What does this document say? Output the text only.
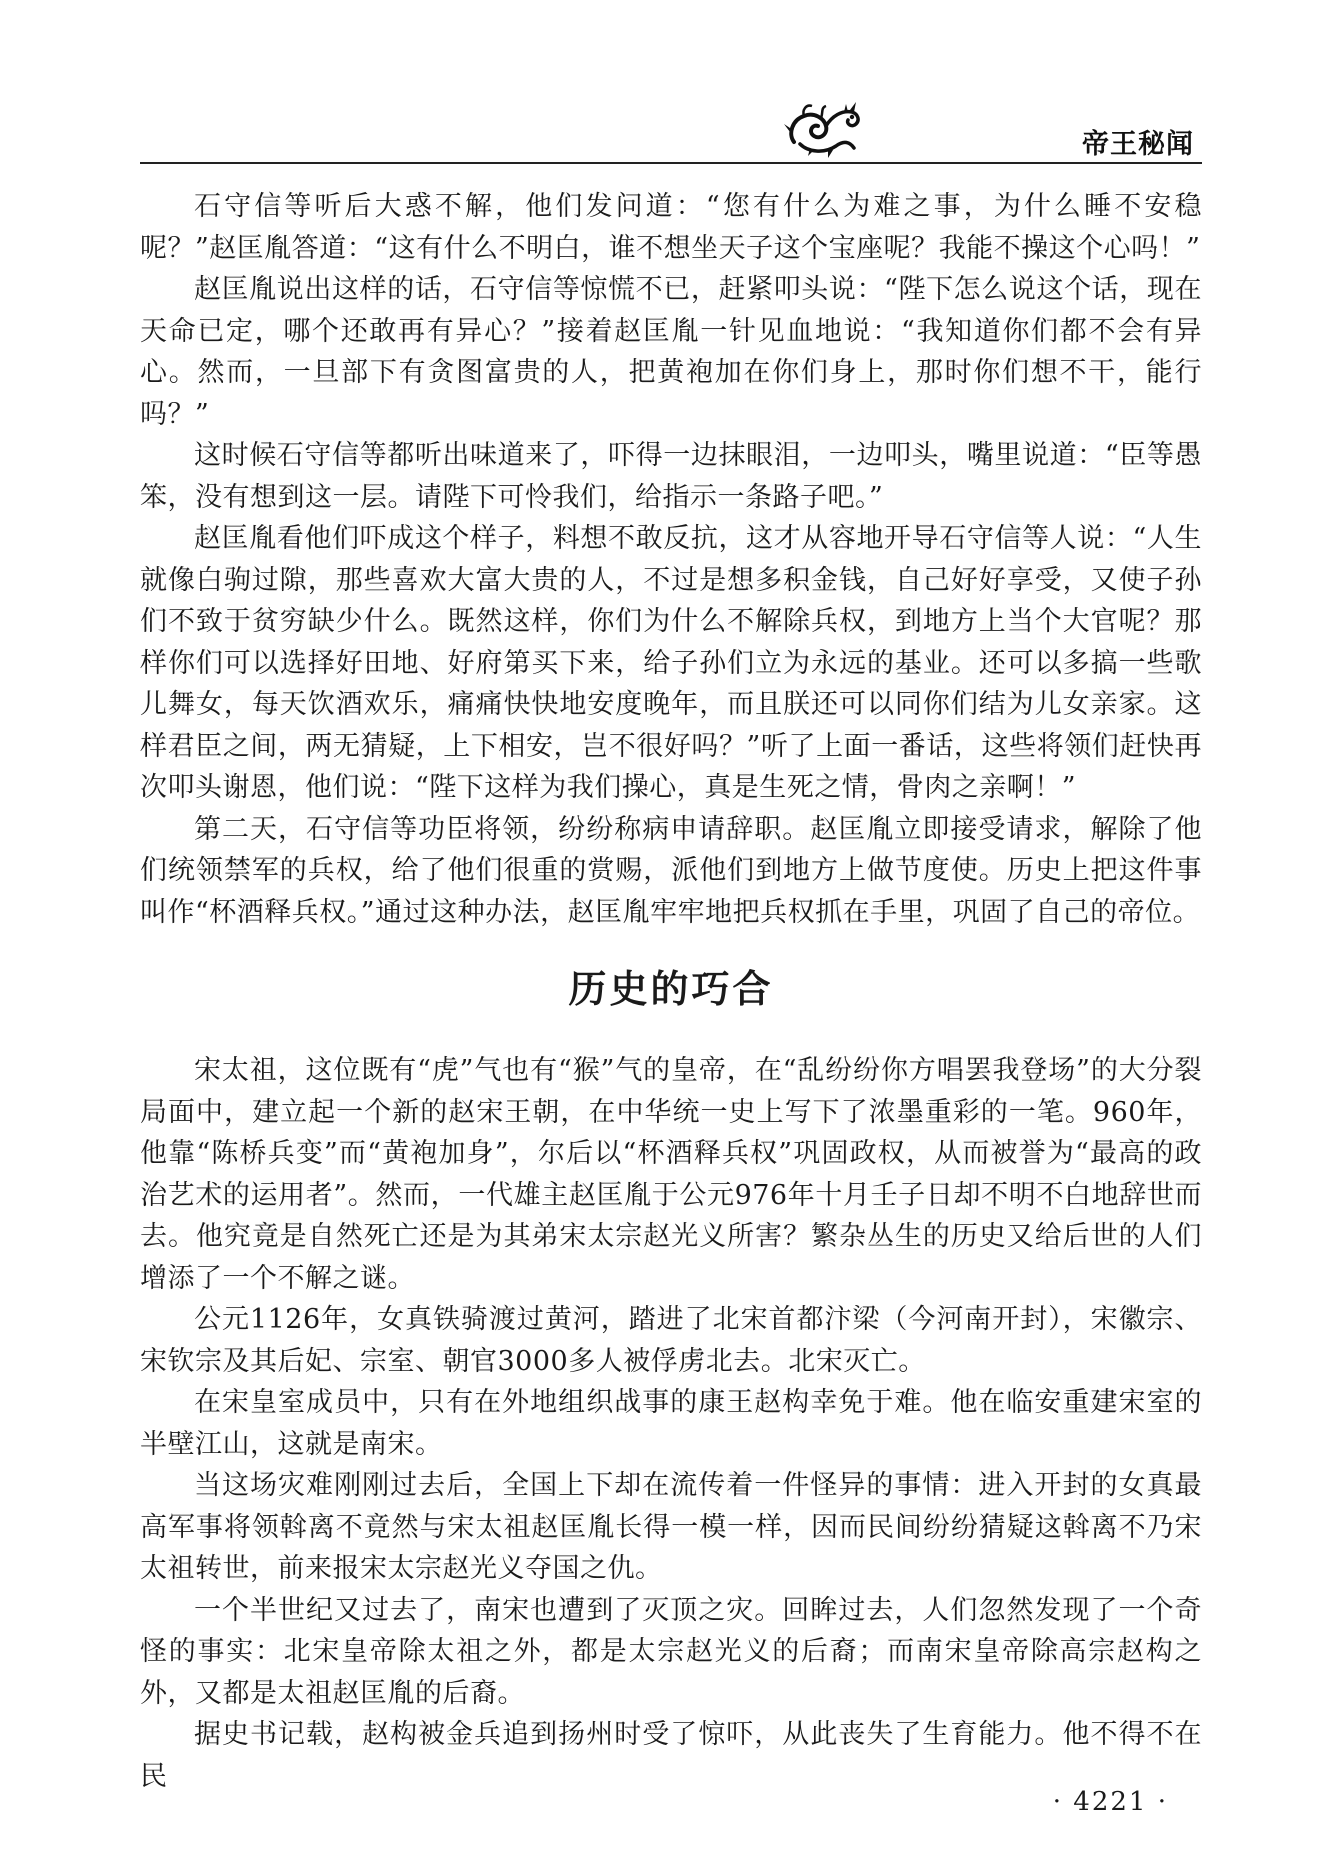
帝王秘闻

石守信等听后大惑不解，他们发问道：“您有什么为难之事，为什么睡不安稳呢？”赵匡胤答道：“这有什么不明白，谁不想坐天子这个宝座呢？我能不操这个心吗！”

赵匡胤说出这样的话，石守信等惊慌不已，赶紧叩头说：“陛下怎么说这个话，现在天命已定，哪个还敢再有异心？”接着赵匡胤一针见血地说：“我知道你们都不会有异心。然而，一旦部下有贪图富贵的人，把黄袍加在你们身上，那时你们想不干，能行吗？”

这时候石守信等都听出味道来了，吓得一边抹眼泪，一边叩头，嘴里说道：“臣等愚笨，没有想到这一层。请陛下可怜我们，给指示一条路子吧。”

赵匡胤看他们吓成这个样子，料想不敢反抗，这才从容地开导石守信等人说：“人生就像白驹过隙，那些喜欢大富大贵的人，不过是想多积金钱，自己好好享受，又使子孙们不致于贫穷缺少什么。既然这样，你们为什么不解除兵权，到地方上当个大官呢？那样你们可以选择好田地、好府第买下来，给子孙们立为永远的基业。还可以多搞一些歌儿舞女，每天饮酒欢乐，痛痛快快地安度晚年，而且朕还可以同你们结为儿女亲家。这样君臣之间，两无猜疑，上下相安，岂不很好吗？”听了上面一番话，这些将领们赶快再次叩头谢恩，他们说：“陛下这样为我们操心，真是生死之情，骨肉之亲啊！”

第二天，石守信等功臣将领，纷纷称病申请辞职。赵匡胤立即接受请求，解除了他们统领禁军的兵权，给了他们很重的赏赐，派他们到地方上做节度使。历史上把这件事叫作“杯酒释兵权。”通过这种办法，赵匡胤牢牢地把兵权抓在手里，巩固了自己的帝位。

历史的巧合

宋太祖，这位既有“虎”气也有“猴”气的皇帝，在“乱纷纷你方唱罢我登场”的大分裂局面中，建立起一个新的赵宋王朝，在中华统一史上写下了浓墨重彩的一笔。960年，他靠“陈桥兵变”而“黄袍加身”，尔后以“杯酒释兵权”巩固政权，从而被誉为“最高的政治艺术的运用者”。然而，一代雄主赵匡胤于公元976年十月壬子日却不明不白地辞世而去。他究竟是自然死亡还是为其弟宋太宗赵光义所害？繁杂丛生的历史又给后世的人们增添了一个不解之谜。

公元1126年，女真铁骑渡过黄河，踏进了北宋首都汴梁（今河南开封），宋徽宗、宋钦宗及其后妃、宗室、朝官3000多人被俘虏北去。北宋灭亡。

在宋皇室成员中，只有在外地组织战事的康王赵构幸免于难。他在临安重建宋室的半壁江山，这就是南宋。

当这场灾难刚刚过去后，全国上下却在流传着一件怪异的事情：进入开封的女真最高军事将领斡离不竟然与宋太祖赵匡胤长得一模一样，因而民间纷纷猜疑这斡离不乃宋太祖转世，前来报宋太宗赵光义夺国之仇。

一个半世纪又过去了，南宋也遭到了灭顶之灾。回眸过去，人们忽然发现了一个奇怪的事实：北宋皇帝除太祖之外，都是太宗赵光义的后裔；而南宋皇帝除高宗赵构之外，又都是太祖赵匡胤的后裔。

据史书记载，赵构被金兵追到扬州时受了惊吓，从此丧失了生育能力。他不得不在民

· 4221 ·
